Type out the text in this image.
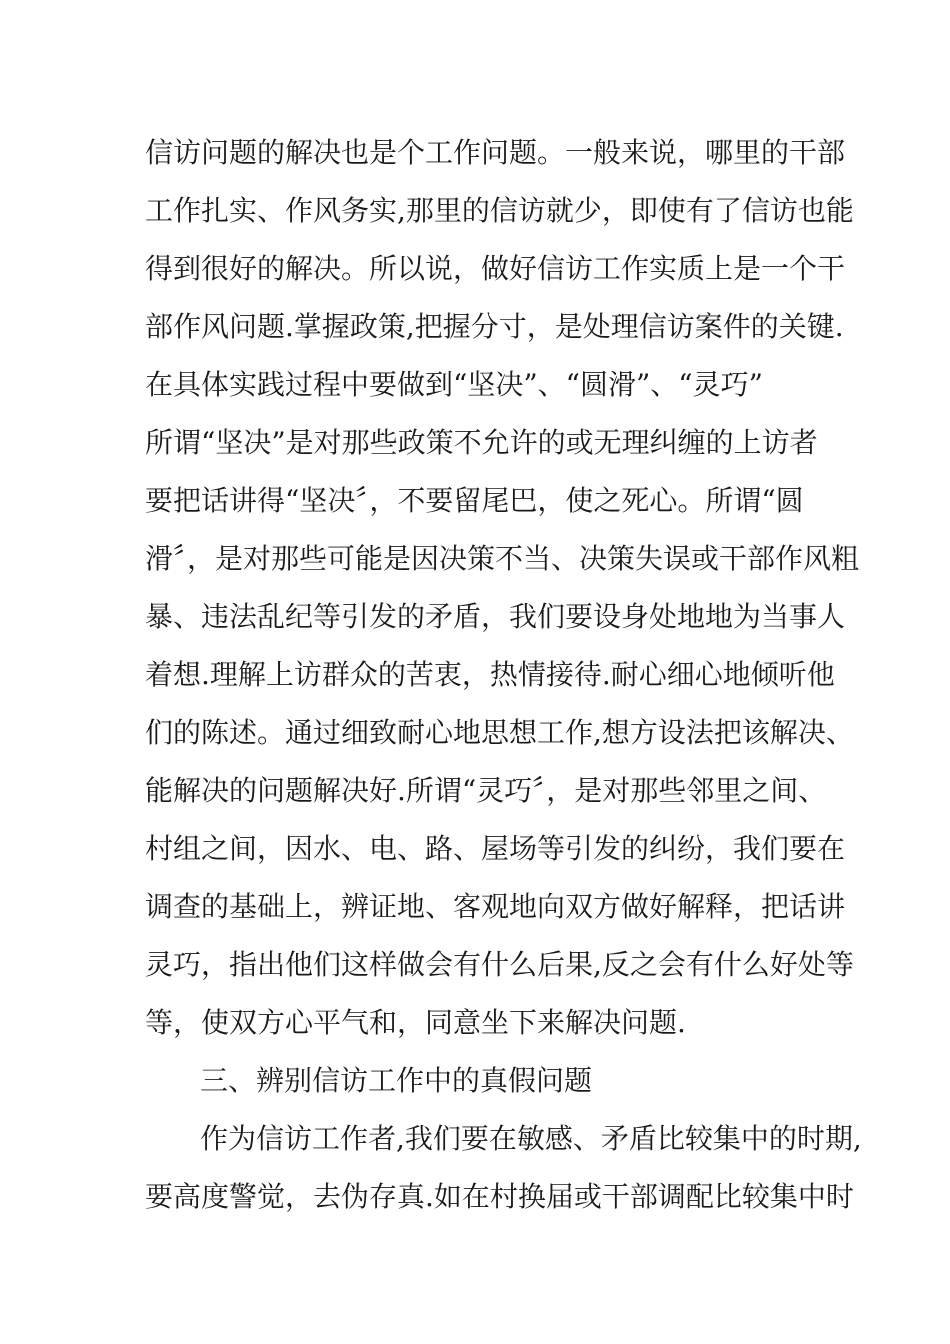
信访问题的解决也是个工作问题。一般来说，哪里的干部
工作扎实、作风务实,那里的信访就少，即使有了信访也能
得到很好的解决。所以说，做好信访工作实质上是一个干
部作风问题.掌握政策,把握分寸，是处理信访案件的关键.
在具体实践过程中要做到“坚决”、“圆滑”、“灵巧”
所谓“坚决”是对那些政策不允许的或无理纠缠的上访者
要把话讲得“坚决〞，不要留尾巴，使之死心。所谓“圆
滑〞，是对那些可能是因决策不当、决策失误或干部作风粗
暴、违法乱纪等引发的矛盾，我们要设身处地地为当事人
着想.理解上访群众的苦衷，热情接待.耐心细心地倾听他
们的陈述。通过细致耐心地思想工作,想方设法把该解决、
能解决的问题解决好.所谓“灵巧〞，是对那些邻里之间、
村组之间，因水、电、路、屋场等引发的纠纷，我们要在
调查的基础上，辨证地、客观地向双方做好解释，把话讲
灵巧，指出他们这样做会有什么后果,反之会有什么好处等
等，使双方心平气和，同意坐下来解决问题.
三、辨别信访工作中的真假问题
作为信访工作者,我们要在敏感、矛盾比较集中的时期,
要高度警觉，去伪存真.如在村换届或干部调配比较集中时
